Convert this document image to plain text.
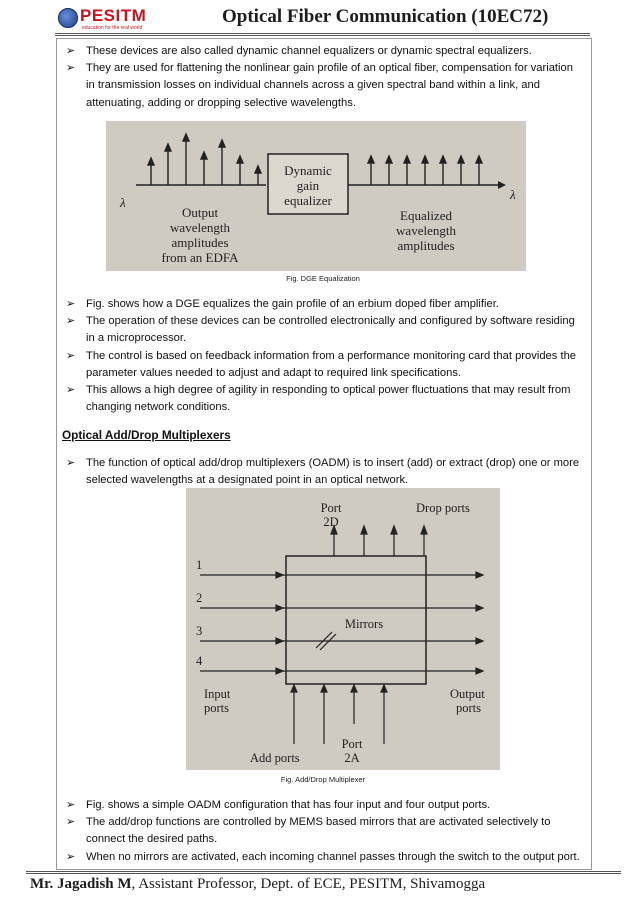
PESITM
education for the real world
Optical Fiber Communication (10EC72)
➢ These devices are also called dynamic channel equalizers or dynamic spectral equalizers.
➢ They are used for flattening the nonlinear gain profile of an optical fiber, compensation for variation in transmission losses on individual channels across a given spectral band within a link, and attenuating, adding or dropping selective wavelengths.
λ
λ
Dynamic
gain
equalizer
Output
wavelength
amplitudes
from an EDFA
Equalized
wavelength
amplitudes
Fig. DGE Equalization
➢ Fig. shows how a DGE equalizes the gain profile of an erbium doped fiber amplifier.
➢ The operation of these devices can be controlled electronically and configured by software residing in a microprocessor.
➢ The control is based on feedback information from a performance monitoring card that provides the parameter values needed to adjust and adapt to required link specifications.
➢ This allows a high degree of agility in responding to optical power fluctuations that may result from changing network conditions.
Optical Add/Drop Multiplexers
➢ The function of optical add/drop multiplexers (OADM) is to insert (add) or extract (drop) one or more selected wavelengths at a designated point in an optical network.
Port
2D
Drop ports
1
2
3
4
Mirrors
Input
ports
Output
ports
Add ports
Port
2A
Fig. Add/Drop Multiplexer
➢ Fig. shows a simple OADM configuration that has four input and four output ports.
➢ The add/drop functions are controlled by MEMS based mirrors that are activated selectively to connect the desired paths.
➢ When no mirrors are activated, each incoming channel passes through the switch to the output port.
Mr. Jagadish M, Assistant Professor, Dept. of ECE, PESITM, Shivamogga
